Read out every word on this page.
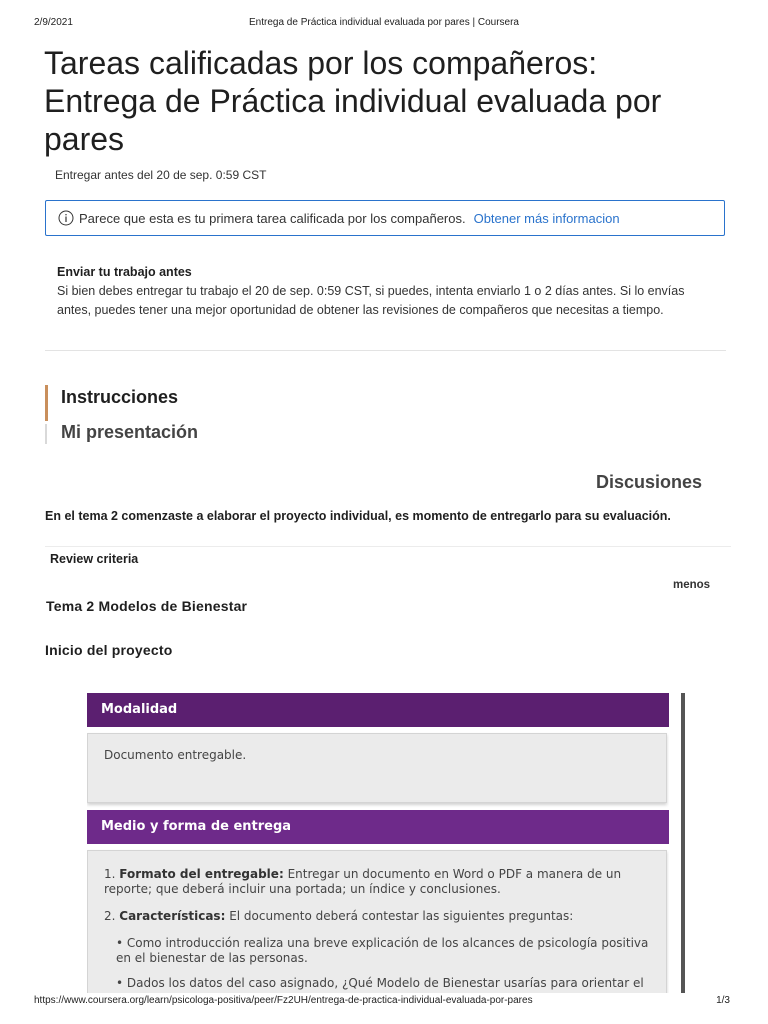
2/9/2021	Entrega de Práctica individual evaluada por pares | Coursera
Tareas calificadas por los compañeros:
Entrega de Práctica individual evaluada por
pares
Entregar antes del 20 de sep. 0:59 CST
Parece que esta es tu primera tarea calificada por los compañeros. Obtener más informacion
Enviar tu trabajo antes
Si bien debes entregar tu trabajo el 20 de sep. 0:59 CST, si puedes, intenta enviarlo 1 o 2 días antes. Si lo envías antes, puedes tener una mejor oportunidad de obtener las revisiones de compañeros que necesitas a tiempo.
Instrucciones
Mi presentación
Discusiones
En el tema 2 comenzaste a elaborar el proyecto individual, es momento de entregarlo para su evaluación.
Review criteria
menos
Tema 2 Modelos de Bienestar
Inicio del proyecto
Modalidad
Documento entregable.
Medio y forma de entrega
1. Formato del entregable: Entregar un documento en Word o PDF a manera de un reporte; que deberá incluir una portada; un índice y conclusiones.
2. Características: El documento deberá contestar las siguientes preguntas:
• Como introducción realiza una breve explicación de los alcances de psicología positiva en el bienestar de las personas.
• Dados los datos del caso asignado, ¿Qué Modelo de Bienestar usarías para orientar el
https://www.coursera.org/learn/psicologa-positiva/peer/Fz2UH/entrega-de-practica-individual-evaluada-por-pares	1/3
